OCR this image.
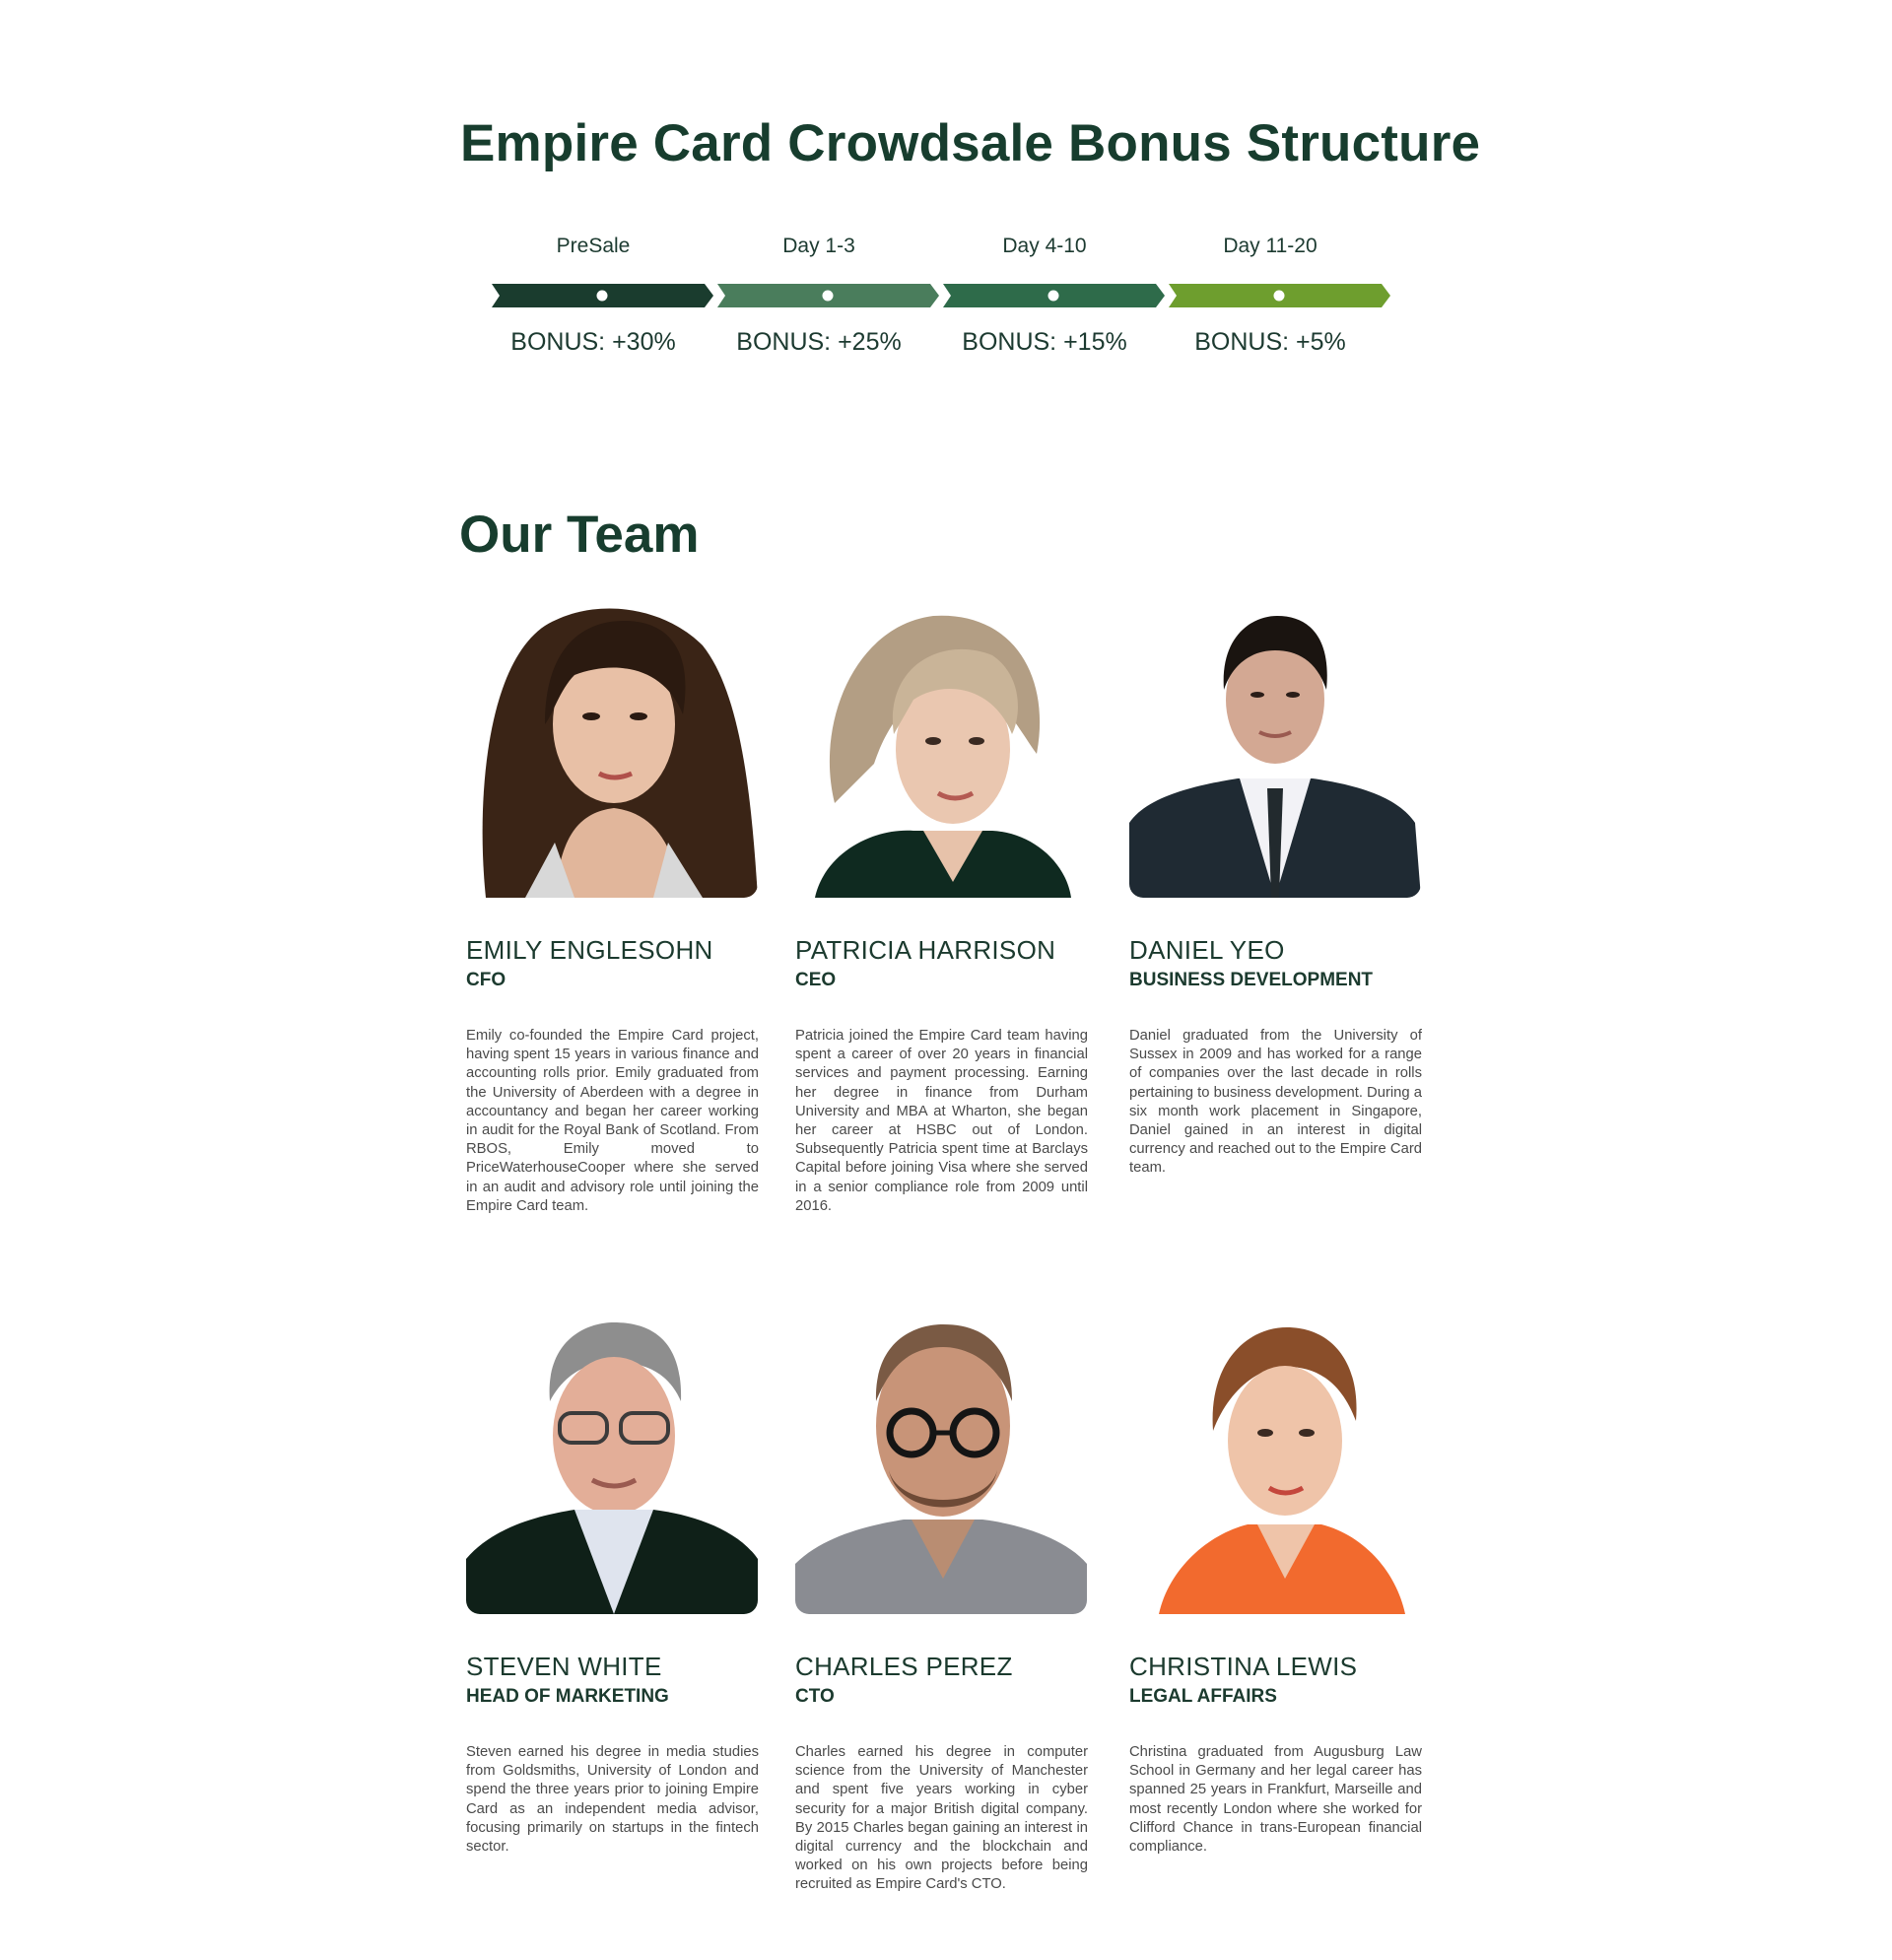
Empire Card Crowdsale Bonus Structure
PreSale
BONUS: +30%
Day 1-3
BONUS: +25%
Day 4-10
BONUS: +15%
Day 11-20
BONUS: +5%
Our Team
EMILY ENGLESOHN
CFO
Emily co-founded the Empire Card project, having spent 15 years in various finance and accounting rolls prior. Emily graduated from the University of Aberdeen with a degree in accountancy and began her career working in audit for the Royal Bank of Scotland. From RBOS, Emily moved to PriceWaterhouseCooper where she served in an audit and advisory role until joining the Empire Card team.
PATRICIA HARRISON
CEO
Patricia joined the Empire Card team having spent a career of over 20 years in financial services and payment processing. Earning her degree in finance from Durham University and MBA at Wharton, she began her career at HSBC out of London. Subsequently Patricia spent time at Barclays Capital before joining Visa where she served in a senior compliance role from 2009 until 2016.
DANIEL YEO
BUSINESS DEVELOPMENT
Daniel graduated from the University of Sussex in 2009 and has worked for a range of companies over the last decade in rolls pertaining to business development. During a six month work placement in Singapore, Daniel gained in an interest in digital currency and reached out to the Empire Card team.
STEVEN WHITE
HEAD OF MARKETING
Steven earned his degree in media studies from Goldsmiths, University of London and spend the three years prior to joining Empire Card as an independent media advisor, focusing primarily on startups in the fintech sector.
CHARLES PEREZ
CTO
Charles earned his degree in computer science from the University of Manchester and spent five years working in cyber security for a major British digital company. By 2015 Charles began gaining an interest in digital currency and the blockchain and worked on his own projects before being recruited as Empire Card's CTO.
CHRISTINA LEWIS
LEGAL AFFAIRS
Christina graduated from Augusburg Law School in Germany and her legal career has spanned 25 years in Frankfurt, Marseille and most recently London where she worked for Clifford Chance in trans-European financial compliance.
